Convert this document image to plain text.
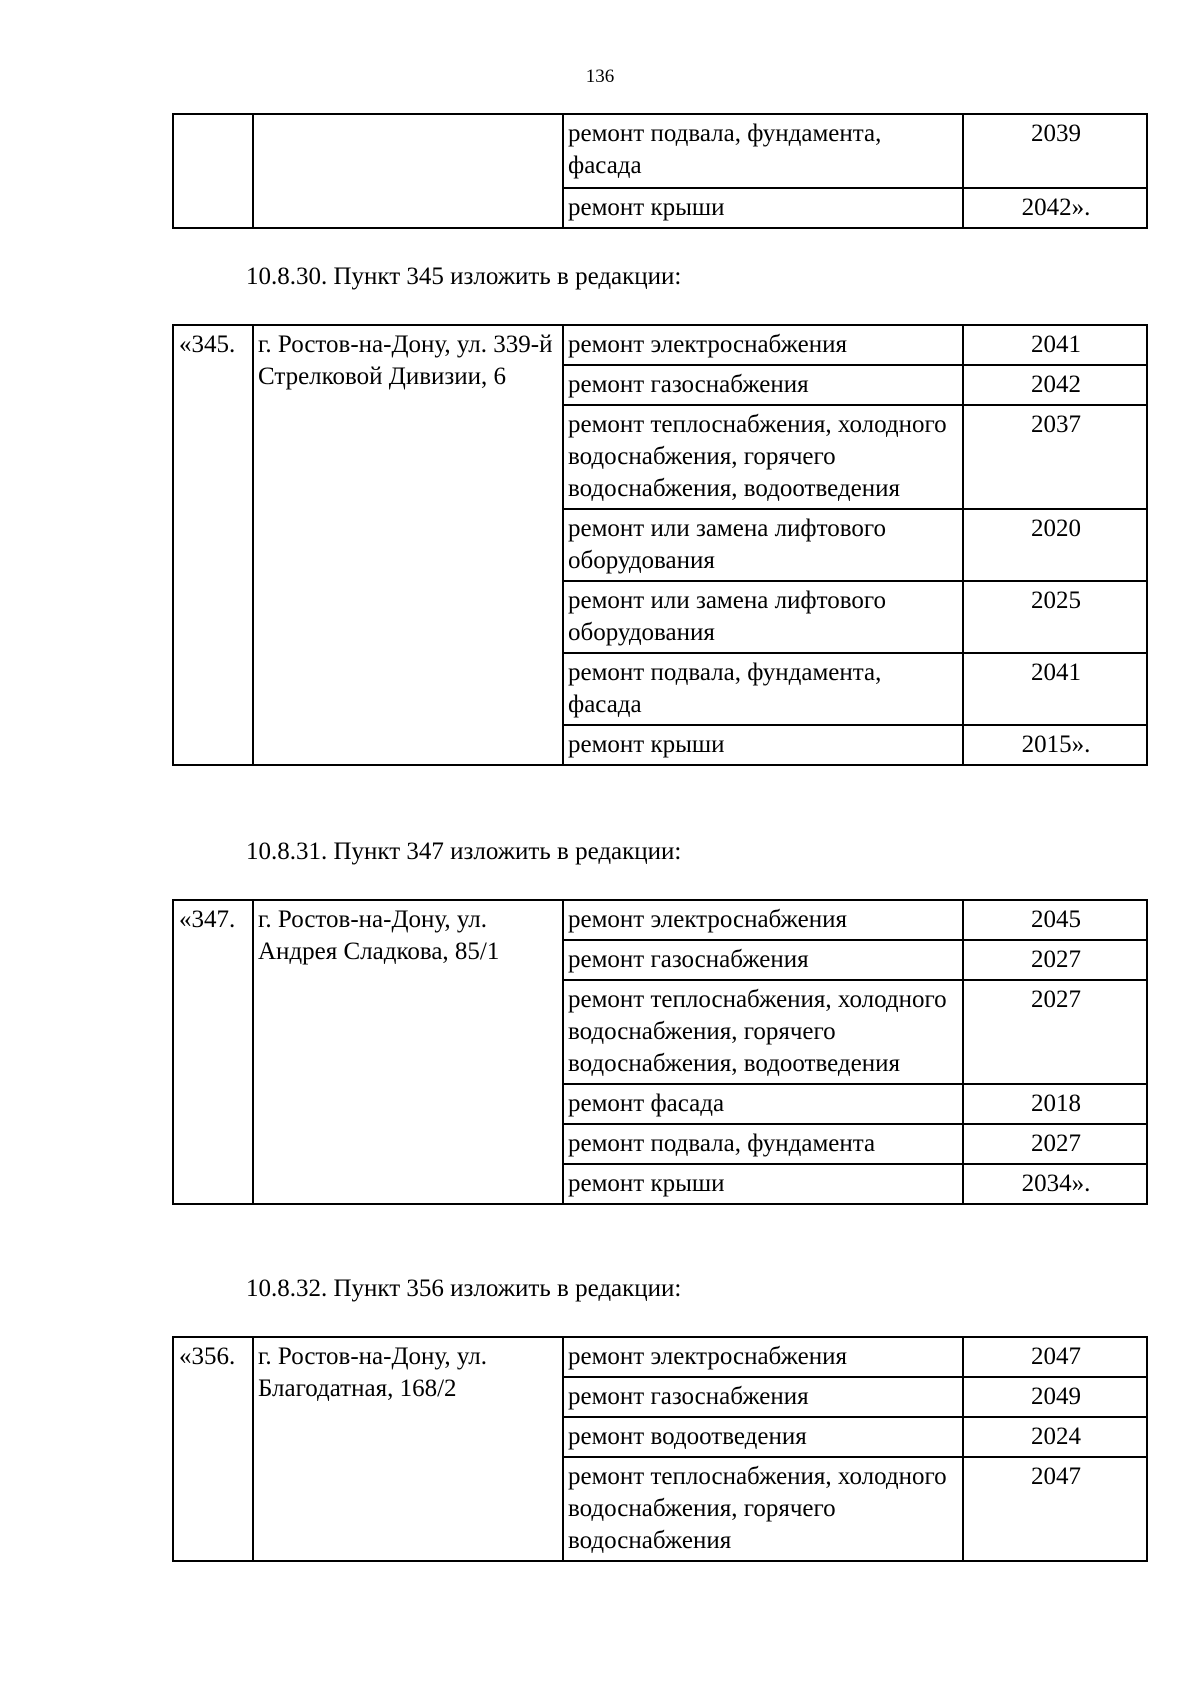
136
		ремонт подвала, фундамента, фасада	2039
		ремонт крыши	2042».
10.8.30. Пункт 345 изложить в редакции:
«345.	г. Ростов-на-Дону, ул. 339-й Стрелковой Дивизии, 6	ремонт электроснабжения	2041
		ремонт газоснабжения	2042
		ремонт теплоснабжения, холодного водоснабжения, горячего водоснабжения, водоотведения	2037
		ремонт или замена лифтового оборудования	2020
		ремонт или замена лифтового оборудования	2025
		ремонт подвала, фундамента, фасада	2041
		ремонт крыши	2015».
10.8.31. Пункт 347 изложить в редакции:
«347.	г. Ростов-на-Дону, ул. Андрея Сладкова, 85/1	ремонт электроснабжения	2045
		ремонт газоснабжения	2027
		ремонт теплоснабжения, холодного водоснабжения, горячего водоснабжения, водоотведения	2027
		ремонт фасада	2018
		ремонт подвала, фундамента	2027
		ремонт крыши	2034».
10.8.32. Пункт 356 изложить в редакции:
«356.	г. Ростов-на-Дону, ул. Благодатная, 168/2	ремонт электроснабжения	2047
		ремонт газоснабжения	2049
		ремонт водоотведения	2024
		ремонт теплоснабжения, холодного водоснабжения, горячего водоснабжения	2047
